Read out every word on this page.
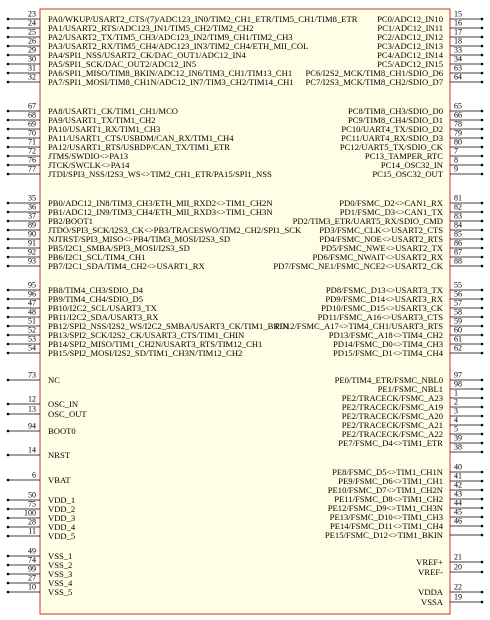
23 PA0/WKUP/USART2_CTS/(7)/ADC123_IN0/TIM2_CH1_ETR/TIM5_CH1/TIM8_ETR
24 PA1/USART2_RTS/ADC123_IN1/TIM5_CH2/TIM2_CH2
25 PA2/USART2_TX/TIM5_CH3/ADC123_IN2/TIM9_CH1/TIM2_CH3
26 PA3/USART2_RX/TIM5_CH4/ADC123_IN3/TIM2_CH4/ETH_MII_COL
29 PA4/SPI1_NSS/USART2_CK/DAC_OUT1/ADC12_IN4
30 PA5/SPI1_SCK/DAC_OUT2/ADC12_IN5
31 PA6/SPI1_MISO/TIM8_BKIN/ADC12_IN6/TIM3_CH1/TIM13_CH1
32 PA7/SPI1_MOSI/TIM8_CH1N/ADC12_IN7/TIM3_CH2/TIM14_CH1
67 PA8/USART1_CK/TIM1_CH1/MCO
68 PA9/USART1_TX/TIM1_CH2
69 PA10/USART1_RX/TIM1_CH3
70 PA11/USART1_CTS/USBDM/CAN_RX/TIM1_CH4
71 PA12/USART1_RTS/USBDP/CAN_TX/TIM1_ETR
72 JTMS/SWDIO<>PA13
76 JTCK/SWCLK<>PA14
77 JTDI/SPI3_NSS/I2S3_WS<>TIM2_CH1_ETR/PA15/SPI1_NSS
35 PB0/ADC12_IN8/TIM3_CH3/ETH_MII_RXD2<>TIM1_CH2N
36 PB1/ADC12_IN9/TIM3_CH4/ETH_MII_RXD3<>TIM1_CH3N
37 PB2/BOOT1
89 JTDO/SPI3_SCK/I2S3_CK<>PB3/TRACESWO/TIM2_CH2/SPI1_SCK
90 NJTRST/SPI3_MISO<>PB4/TIM3_MOSI/I2S3_SD
91 PB5/I2C1_SMBA/SPI3_MOSI/I2S3_SD
92 PB6/I2C1_SCL/TIM4_CH1
93 PB7/I2C1_SDA/TIM4_CH2<>USART1_RX
95 PB8/TIM4_CH3/SDIO_D4
96 PB9/TIM4_CH4/SDIO_D5
47 PB10/I2C2_SCL/USART3_TX
48 PB11/I2C2_SDA/USART3_RX
51 PB12/SPI2_NSS/I2S2_WS/I2C2_SMBA/USART3_CK/TIM1_BKIN
52 PB13/SPI2_SCK/I2S2_CK/USART3_CTS/TIM1_CHIN
53 PB14/SPI2_MISO/TIM1_CH2N/USART3_RTS/TIM12_CH1
54 PB15/SPI2_MOSI/I2S2_SD/TIM1_CH3N/TIM12_CH2
73 NC
12 OSC_IN
13 OSC_OUT
94 BOOT0
14 NRST
6 VBAT
50 VDD_1
75 VDD_2
100 VDD_3
28 VDD_4
11 VDD_5
49 VSS_1
74 VSS_2
99 VSS_3
27 VSS_4
10 VSS_5
15
PC0/ADC12_IN10 16
PC1/ADC12_IN11 17
PC2/ADC12_IN12 18
PC3/ADC12_IN13 33
PC4/ADC12_IN14 34
PC5/ADC12_IN15 63
PC6/I2S2_MCK/TIM8_CH1/SDIO_D6 64
PC7/I2S3_MCK/TIM8_CH2/SDIO_D7
65
PC8/TIM8_CH3/SDIO_D0 66
PC9/TIM8_CH4/SDIO_D1 78
PC10/UART4_TX/SDIO_D2 79
PC11/UART4_RX/SDIO_D3 80
PC12/UART5_TX/SDIO_CK 7
PC13_TAMPER_RTC 8
PC14_OSC32_IN 9
PC15_OSC32_OUT
81
PD0/FSMC_D2<>CAN1_RX 82
PD1/FSMC_D3<>CAN1_TX 83
PD2/TIM3_ETR/UART5_RX/SDIO_CMD 84
PD3/FSMC_CLK<>USART2_CTS 85
PD4/FSMC_NOE<>USART2_RTS 86
PD5/FSMC_NWE<>USART2_TX 87
PD6/FSMC_NWAIT<>USART2_RX 88
PD7/FSMC_NE1/FSMC_NCE2<>USART2_CK
55
PD8/FSMC_D13<>USART3_TX 56
PD9/FSMC_D14<>USART3_RX 57
PD10/FSMC_D15<>USART3_CK 58
PD11/FSMC_A16<>USART3_CTS 59
PD12/FSMC_A17<>TIM4_CH1/USART3_RTS 60
PD13/FSMC_A18<>TIM4_CH2 61
PD14/FSMC_D0<>TIM4_CH3 62
PD15/FSMC_D1<>TIM4_CH4
97
PE0/TIM4_ETR/FSMC_NBL0 98
PE1/FSMC_NBL1 1
PE2/TRACECK/FSMC_A23 2
PE2/TRACECK/FSMC_A19 3
PE2/TRACECK/FSMC_A20 4
PE2/TRACECK/FSMC_A21 5
PE2/TRACECK/FSMC_A22 39
PE7/FSMC_D4<>TIM1_ETR
40
PE8/FSMC_D5<>TIM1_CH1N 41
PE9/FSMC_D6<>TIM1_CH1 42
PE10/FSMC_D7<>TIM1_CH2N 43
PE11/FSMC_D8<>TIM1_CH2 44
PE12/FSMC_D9<>TIM1_CH3N 45
PE13/FSMC_D10<>TIM1_CH3 46
PE14/FSMC_D11<>TIM1_CH4
PE15/FSMC_D12<>TIM1_BKIN
21
VREF+ 20
VREF-
22
VDDA 19
VSSA
38
